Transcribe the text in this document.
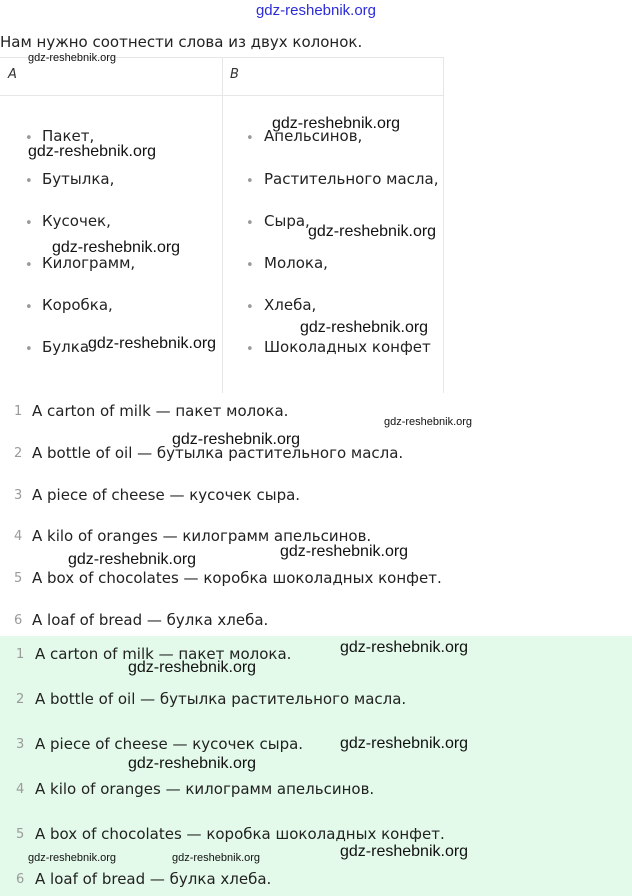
gdz-reshebnik.org
Нам нужно соотнести слова из двух колонок.
A	B
• Пакет,
• Бутылка,
• Кусочек,
• Килограмм,
• Коробка,
• Булка
• Апельсинов,
• Растительного масла,
• Сыра,
• Молока,
• Хлеба,
• Шоколадных конфет
1 A carton of milk — пакет молока.
2 A bottle of oil — бутылка растительного масла.
3 A piece of cheese — кусочек сыра.
4 A kilo of oranges — килограмм апельсинов.
5 A box of chocolates — коробка шоколадных конфет.
6 A loaf of bread — булка хлеба.
1 A carton of milk — пакет молока.
2 A bottle of oil — бутылка растительного масла.
3 A piece of cheese — кусочек сыра.
4 A kilo of oranges — килограмм апельсинов.
5 A box of chocolates — коробка шоколадных конфет.
6 A loaf of bread — булка хлеба.
gdz-reshebnik.org
gdz-reshebnik.org
gdz-reshebnik.org
gdz-reshebnik.org
gdz-reshebnik.org
gdz-reshebnik.org
gdz-reshebnik.org
gdz-reshebnik.org
gdz-reshebnik.org
gdz-reshebnik.org
gdz-reshebnik.org
gdz-reshebnik.org
gdz-reshebnik.org
gdz-reshebnik.org
gdz-reshebnik.org
gdz-reshebnik.org
gdz-reshebnik.org	gdz-reshebnik.org
